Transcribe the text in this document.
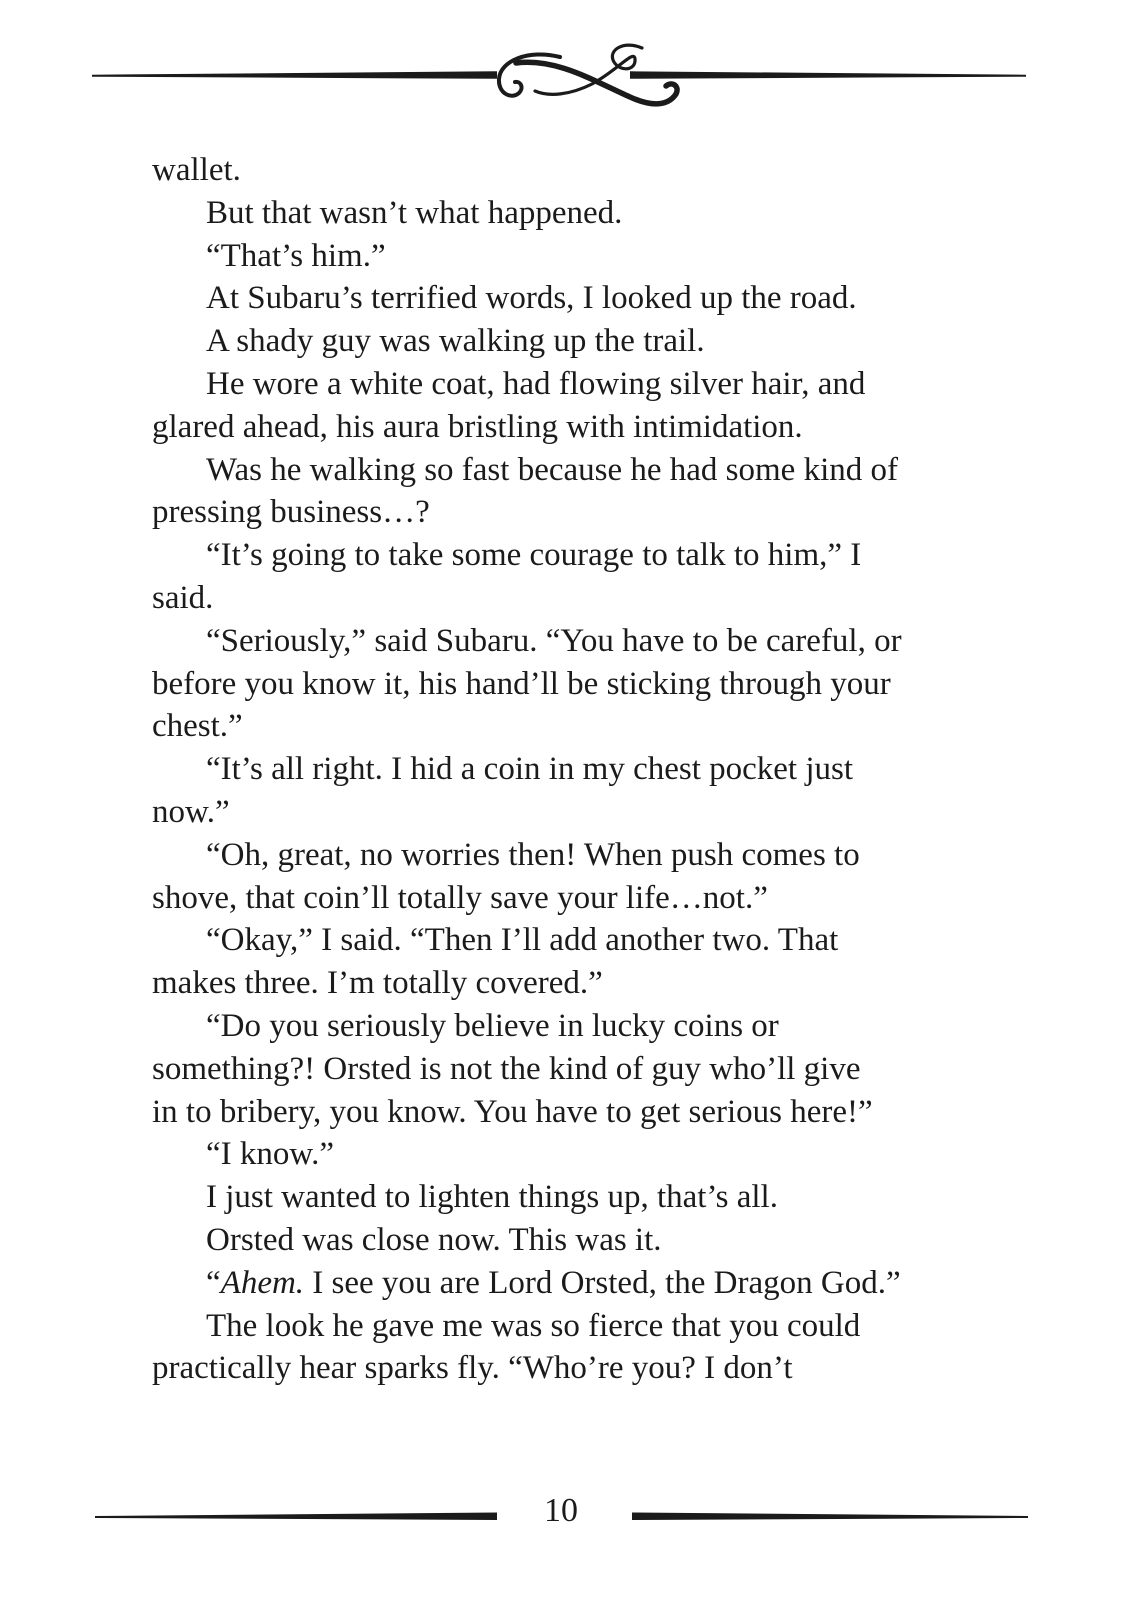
wallet.
But that wasn’t what happened.
“That’s him.”
At Subaru’s terrified words, I looked up the road.
A shady guy was walking up the trail.
He wore a white coat, had flowing silver hair, and
glared ahead, his aura bristling with intimidation.
Was he walking so fast because he had some kind of
pressing business…?
“It’s going to take some courage to talk to him,” I
said.
“Seriously,” said Subaru. “You have to be careful, or
before you know it, his hand’ll be sticking through your
chest.”
“It’s all right. I hid a coin in my chest pocket just
now.”
“Oh, great, no worries then! When push comes to
shove, that coin’ll totally save your life…not.”
“Okay,” I said. “Then I’ll add another two. That
makes three. I’m totally covered.”
“Do you seriously believe in lucky coins or
something?! Orsted is not the kind of guy who’ll give
in to bribery, you know. You have to get serious here!”
“I know.”
I just wanted to lighten things up, that’s all.
Orsted was close now. This was it.
“Ahem. I see you are Lord Orsted, the Dragon God.”
The look he gave me was so fierce that you could
practically hear sparks fly. “Who’re you? I don’t
10
